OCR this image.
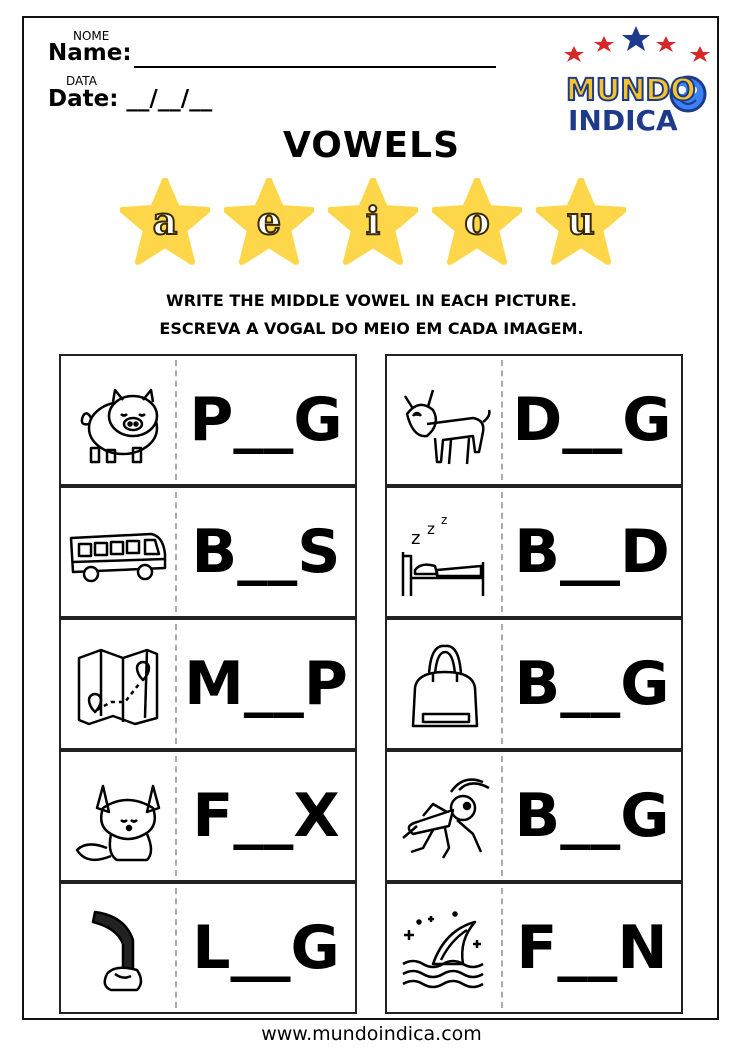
NOME
Name:
DATA
Date: __/__/__	MUNDO
INDICA
VOWELS
a	e	i	o	u
WRITE THE MIDDLE VOWEL IN EACH PICTURE.
ESCREVA A VOGAL DO MEIO EM CADA IMAGEM.
P__G
B__S
M__P
F__X
L__G
D__G
z z z B__D
B__G
B__G
F__N
www.mundoindica.com
